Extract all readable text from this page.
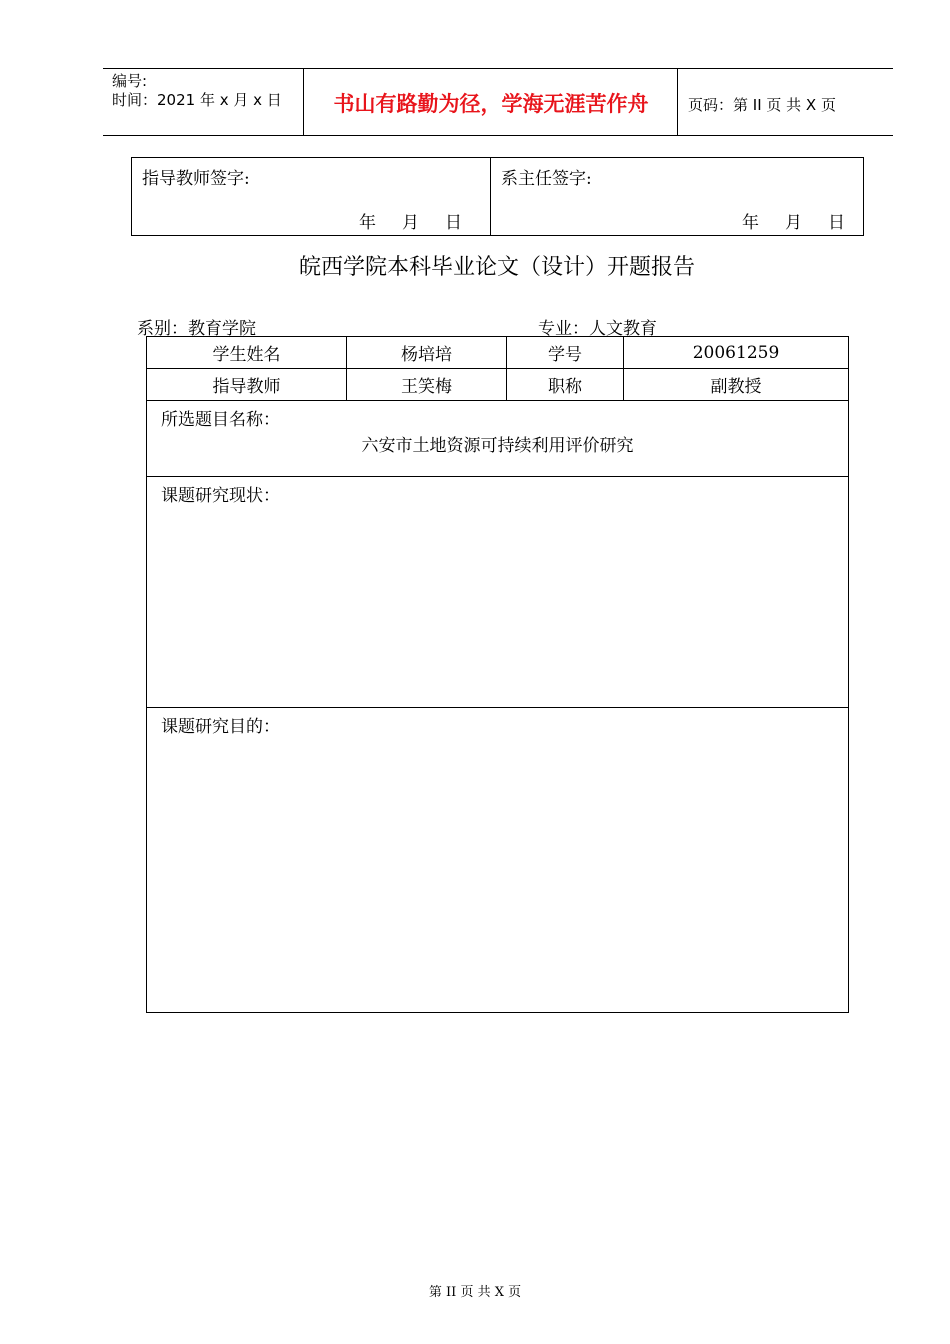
编号:
时间：2021 年 x 月 x 日	书山有路勤为径，学海无涯苦作舟	页码：第 II 页 共 X 页
指导教师签字:
年 月 日
系主任签字:
年 月 日
皖西学院本科毕业论文（设计）开题报告
系别：教育学院	专业：人文教育
学生姓名	杨培培	学号	20061259
指导教师	王笑梅	职称	副教授
所选题目名称：
六安市土地资源可持续利用评价研究
课题研究现状：
课题研究目的：
第 II 页 共 X 页
